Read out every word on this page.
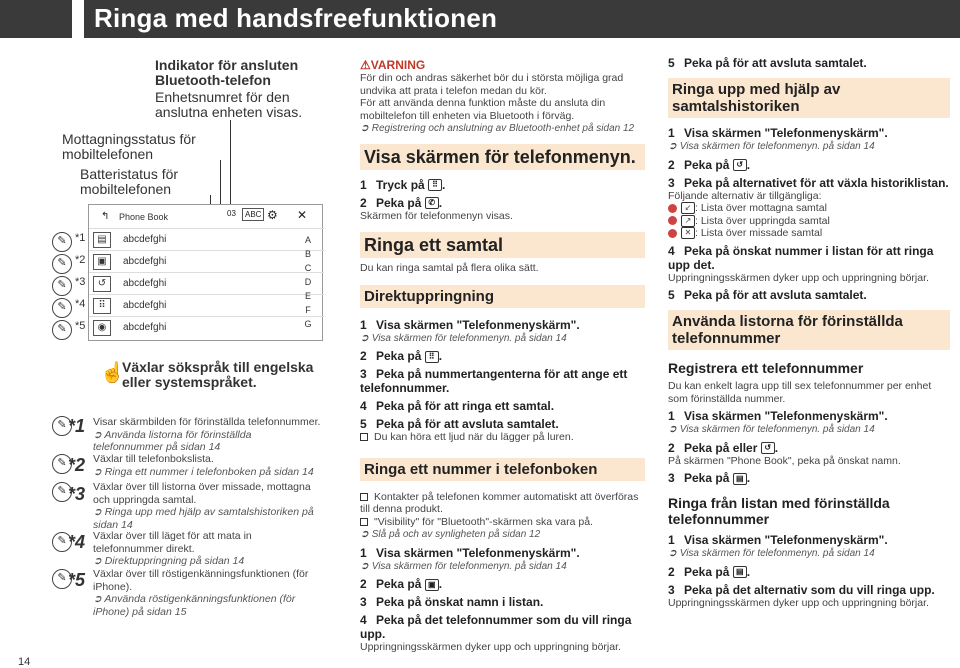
Ringa med handsfreefunktionen
Indikator för ansluten Bluetooth-telefon
Enhetsnumret för den anslutna enheten visas.
Mottagningsstatus för mobiltelefonen
Batteristatus för mobiltelefonen
↰ Phone Book	03	ABC ⚙ ✕
▤	abcdefghi
▣	abcdefghi
↺	abcdefghi
⠿	abcdefghi
◉	abcdefghi
A
B
C
D
E
F
G
✎ *1
✎ *2
✎ *3
✎ *4
✎ *5
☝
Växlar sökspråk till engelska eller systemspråket.
✎ *1 Visar skärmbilden för förinställda telefonnummer.
➲ Använda listorna för förinställda telefonnummer på sidan 14
✎ *2 Växlar till telefonbokslista.
➲ Ringa ett nummer i telefonboken på sidan 14
✎ *3 Växlar över till listorna över missade, mottagna och uppringda samtal.
➲ Ringa upp med hjälp av samtalshistoriken på sidan 14
✎ *4 Växlar över till läget för att mata in telefonnummer direkt.
➲ Direktuppringning på sidan 14
✎ *5 Växlar över till röstigenkänningsfunktionen (för iPhone).
➲ Använda röstigenkänningsfunktionen (för iPhone) på sidan 15
14
⚠VARNING
För din och andras säkerhet bör du i största möjliga grad undvika att prata i telefon medan du kör.
För att använda denna funktion måste du ansluta din mobiltelefon till enheten via Bluetooth i förväg.
➲ Registrering och anslutning av Bluetooth-enhet på sidan 12
Visa skärmen för telefonmenyn.
1 Tryck på ⠿ .
2 Peka på ✆ .
Skärmen för telefonmenyn visas.
Ringa ett samtal
Du kan ringa samtal på flera olika sätt.
Direktuppringning
1 Visa skärmen "Telefonmenyskärm".
➲ Visa skärmen för telefonmenyn. på sidan 14
2 Peka på ⠿ .
3 Peka på nummertangenterna för att ange ett telefonnummer.
4 Peka på för att ringa ett samtal.
5 Peka på för att avsluta samtalet.
Du kan höra ett ljud när du lägger på luren.
Ringa ett nummer i telefonboken
Kontakter på telefonen kommer automatiskt att överföras till denna produkt.
"Visibility" för "Bluetooth"-skärmen ska vara på.
➲ Slå på och av synligheten på sidan 12
1 Visa skärmen "Telefonmenyskärm".
➲ Visa skärmen för telefonmenyn. på sidan 14
2 Peka på ▣ .
3 Peka på önskat namn i listan.
4 Peka på det telefonnummer som du vill ringa upp.
Uppringningsskärmen dyker upp och uppringning börjar.
5 Peka på för att avsluta samtalet.
Ringa upp med hjälp av samtalshistoriken
1 Visa skärmen "Telefonmenyskärm".
➲ Visa skärmen för telefonmenyn. på sidan 14
2 Peka på ↺ .
3 Peka på alternativet för att växla historiklistan.
Följande alternativ är tillgängliga:
↙ : Lista över mottagna samtal
↗ : Lista över uppringda samtal
✕ : Lista över missade samtal
4 Peka på önskat nummer i listan för att ringa upp det.
Uppringningsskärmen dyker upp och uppringning börjar.
5 Peka på för att avsluta samtalet.
Använda listorna för förinställda telefonnummer
Registrera ett telefonnummer
Du kan enkelt lagra upp till sex telefonnummer per enhet som förinställda nummer.
1 Visa skärmen "Telefonmenyskärm".
➲ Visa skärmen för telefonmenyn. på sidan 14
2 Peka på eller ↺ .
På skärmen "Phone Book", peka på önskat namn.
3 Peka på ▤ .
Ringa från listan med förinställda telefonnummer
1 Visa skärmen "Telefonmenyskärm".
➲ Visa skärmen för telefonmenyn. på sidan 14
2 Peka på ▤ .
3 Peka på det alternativ som du vill ringa upp.
Uppringningsskärmen dyker upp och uppringning börjar.
